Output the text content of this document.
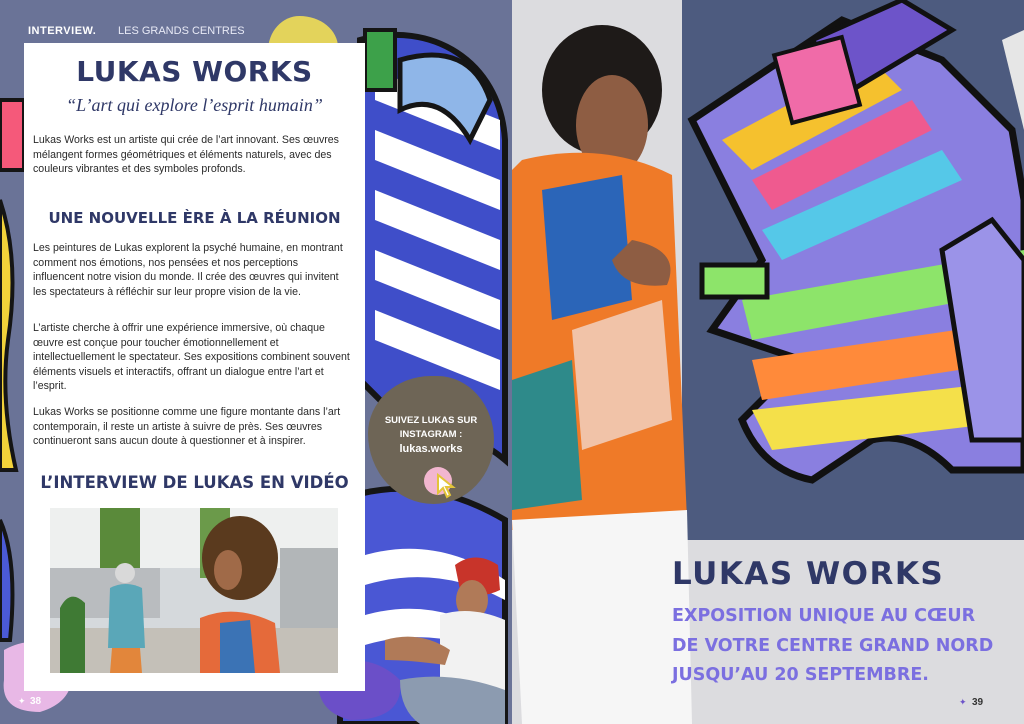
INTERVIEW. LES GRANDS CENTRES
LUKAS WORKS
“L’art qui explore l’esprit humain”
Lukas Works est un artiste qui crée de l’art innovant. Ses œuvres mélangent formes géométriques et éléments naturels, avec des couleurs vibrantes et des symboles profonds.
UNE NOUVELLE ÈRE À LA RÉUNION
Les peintures de Lukas explorent la psyché humaine, en montrant comment nos émotions, nos pensées et nos perceptions influencent notre vision du monde. Il crée des œuvres qui invitent les spectateurs à réfléchir sur leur propre vision de la vie.
L’artiste cherche à offrir une expérience immersive, où chaque œuvre est conçue pour toucher émotionnellement et intellectuellement le spectateur. Ses expositions combinent souvent éléments visuels et interactifs, offrant un dialogue entre l’art et l’esprit.
Lukas Works se positionne comme une figure montante dans l’art contemporain, il reste un artiste à suivre de près. Ses œuvres continueront sans aucun doute à questionner et à inspirer.
L’INTERVIEW DE LUKAS EN VIDÉO
SUIVEZ LUKAS SUR
INSTAGRAM :
lukas.works
✦ 38
LUKAS WORKS
EXPOSITION UNIQUE AU CŒUR
DE VOTRE CENTRE GRAND NORD
JUSQU’AU 20 SEPTEMBRE.
✦ 39
